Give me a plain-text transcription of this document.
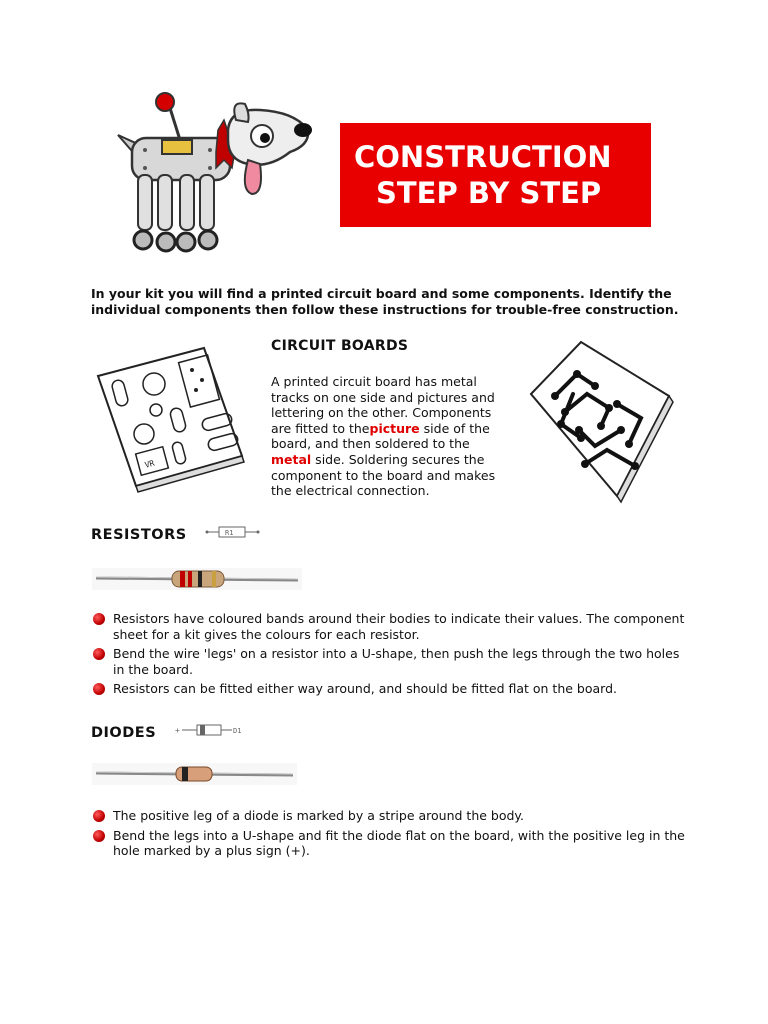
CONSTRUCTION
STEP BY STEP
In your kit you will find a printed circuit board and some components. Identify the individual components then follow these instructions for trouble-free construction.
VR
CIRCUIT BOARDS
A printed circuit board has metal tracks on one side and pictures and lettering on the other. Components are fitted to thepicture side of the board, and then soldered to the metal side. Soldering secures the component to the board and makes the electrical connection.
RESISTORS	R1
Resistors have coloured bands around their bodies to indicate their values. The component sheet for a kit gives the colours for each resistor.
Bend the wire 'legs' on a resistor into a U-shape, then push the legs through the two holes in the board.
Resistors can be fitted either way around, and should be fitted flat on the board.
DIODES +	D1
The positive leg of a diode is marked by a stripe around the body.
Bend the legs into a U-shape and fit the diode flat on the board, with the positive leg in the hole marked by a plus sign (+).
